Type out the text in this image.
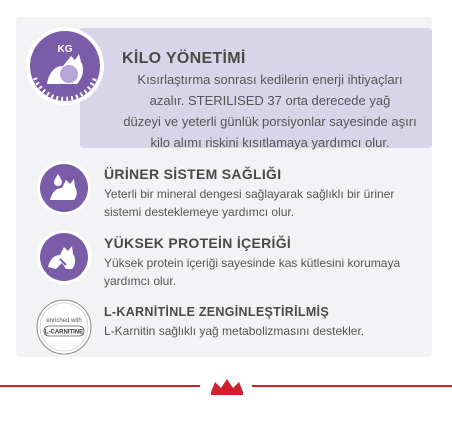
KG
KİLO YÖNETİMİ
Kısırlaştırma sonrası kedilerin enerji ihtiyaçları
azalır. STERILISED 37 orta derecede yağ
düzeyi ve yeterli günlük porsiyonlar sayesinde aşırı
kilo alımı riskini kısıtlamaya yardımcı olur.
ÜRİNER SİSTEM SAĞLIĞI
Yeterli bir mineral dengesi sağlayarak sağlıklı bir üriner
sistemi desteklemeye yardımcı olur.
YÜKSEK PROTEİN İÇERİĞİ
Yüksek protein içeriği sayesinde kas kütlesini korumaya
yardımcı olur.
enriched with
L-CARNITINE
L-KARNİTİNLE ZENGİNLEŞTİRİLMİŞ
L-Karnitin sağlıklı yağ metabolizmasını destekler.
